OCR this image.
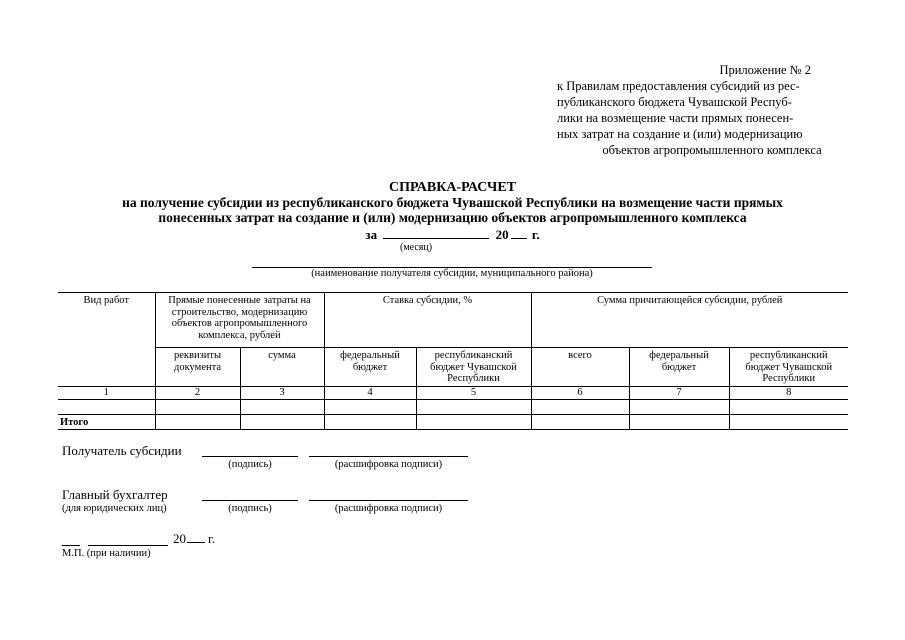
Приложение № 2
к Правилам предоставления субсидий из рес-
публиканского бюджета Чувашской Респуб-
лики на возмещение части прямых понесен-
ных затрат на создание и (или) модернизацию
объектов агропромышленного комплекса
СПРАВКА-РАСЧЕТ
на получение субсидии из республиканского бюджета Чувашской Республики на возмещение части прямых
понесенных затрат на создание и (или) модернизацию объектов агропромышленного комплекса
за	20 г.
(месяц)
(наименование получателя субсидии, муниципального района)
Вид работ	Прямые понесенные затраты на строительство, модернизацию объектов агропромышленного комплекса, рублей		Ставка субсидии, %		Сумма причитающейся субсидии, рублей		
	реквизиты документа	сумма	федеральный бюджет	республиканский бюджет Чувашской Республики	всего	федеральный бюджет	республиканский бюджет Чувашской Республики
1	2	3	4	5	6	7	8

Итого							
Получатель субсидии
(подпись)	(расшифровка подписи)
Главный бухгалтер
(для юридических лиц)	(подпись)	(расшифровка подписи)
20 г.
М.П. (при наличии)
